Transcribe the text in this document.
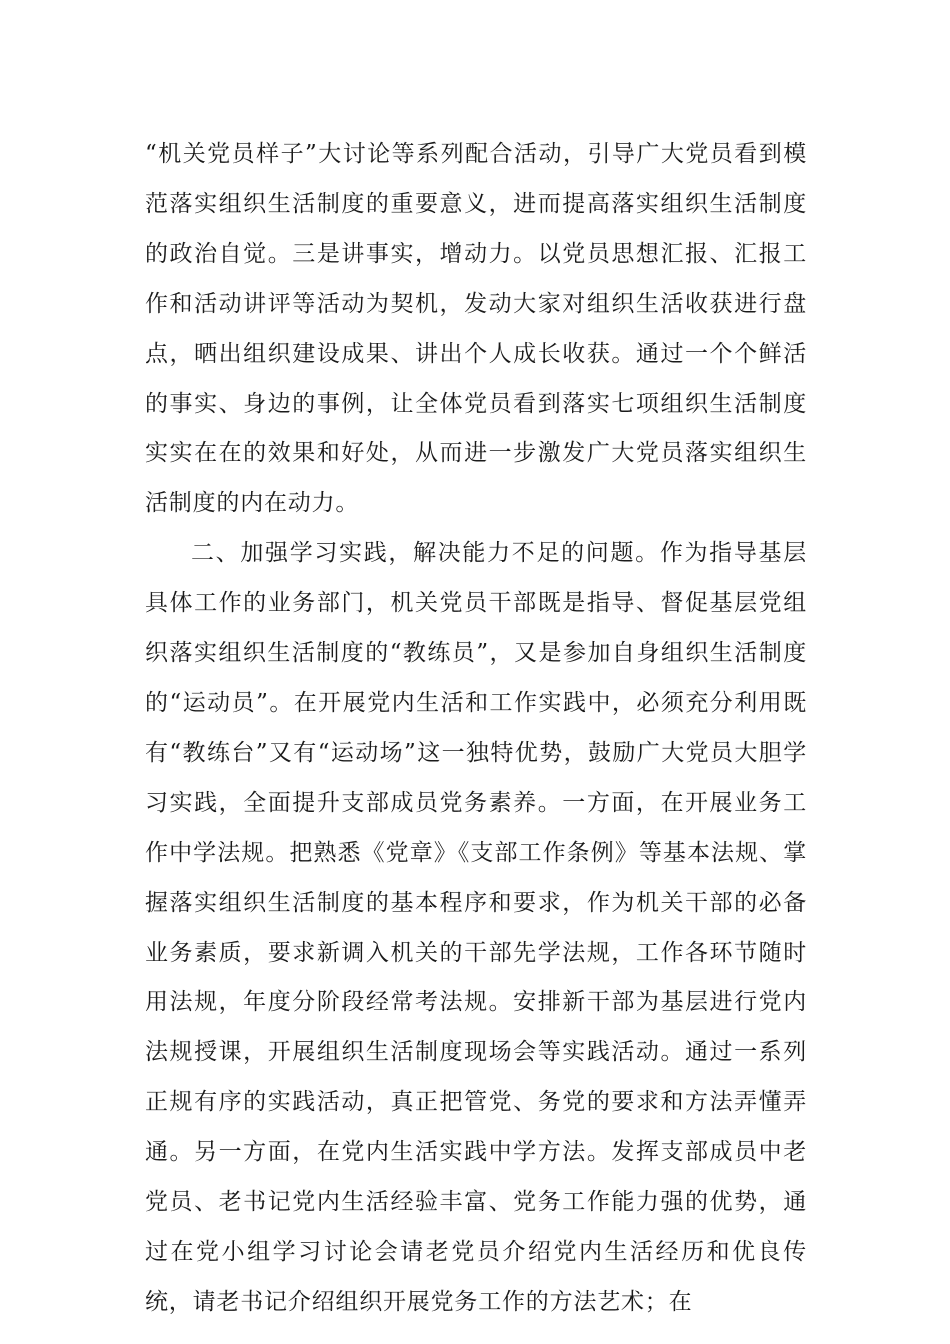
“机关党员样子”大讨论等系列配合活动，引导广大党员看到模范落实组织生活制度的重要意义，进而提高落实组织生活制度的政治自觉。三是讲事实，增动力。以党员思想汇报、汇报工作和活动讲评等活动为契机，发动大家对组织生活收获进行盘点，晒出组织建设成果、讲出个人成长收获。通过一个个鲜活的事实、身边的事例，让全体党员看到落实七项组织生活制度实实在在的效果和好处，从而进一步激发广大党员落实组织生活制度的内在动力。

二、加强学习实践，解决能力不足的问题。作为指导基层具体工作的业务部门，机关党员干部既是指导、督促基层党组织落实组织生活制度的“教练员”，又是参加自身组织生活制度的“运动员”。在开展党内生活和工作实践中，必须充分利用既有“教练台”又有“运动场”这一独特优势，鼓励广大党员大胆学习实践，全面提升支部成员党务素养。一方面，在开展业务工作中学法规。把熟悉《党章》《支部工作条例》等基本法规、掌握落实组织生活制度的基本程序和要求，作为机关干部的必备业务素质，要求新调入机关的干部先学法规，工作各环节随时用法规，年度分阶段经常考法规。安排新干部为基层进行党内法规授课，开展组织生活制度现场会等实践活动。通过一系列正规有序的实践活动，真正把管党、务党的要求和方法弄懂弄通。另一方面，在党内生活实践中学方法。发挥支部成员中老党员、老书记党内生活经验丰富、党务工作能力强的优势，通过在党小组学习讨论会请老党员介绍党内生活经历和优良传统，请老书记介绍组织开展党务工作的方法艺术；在
